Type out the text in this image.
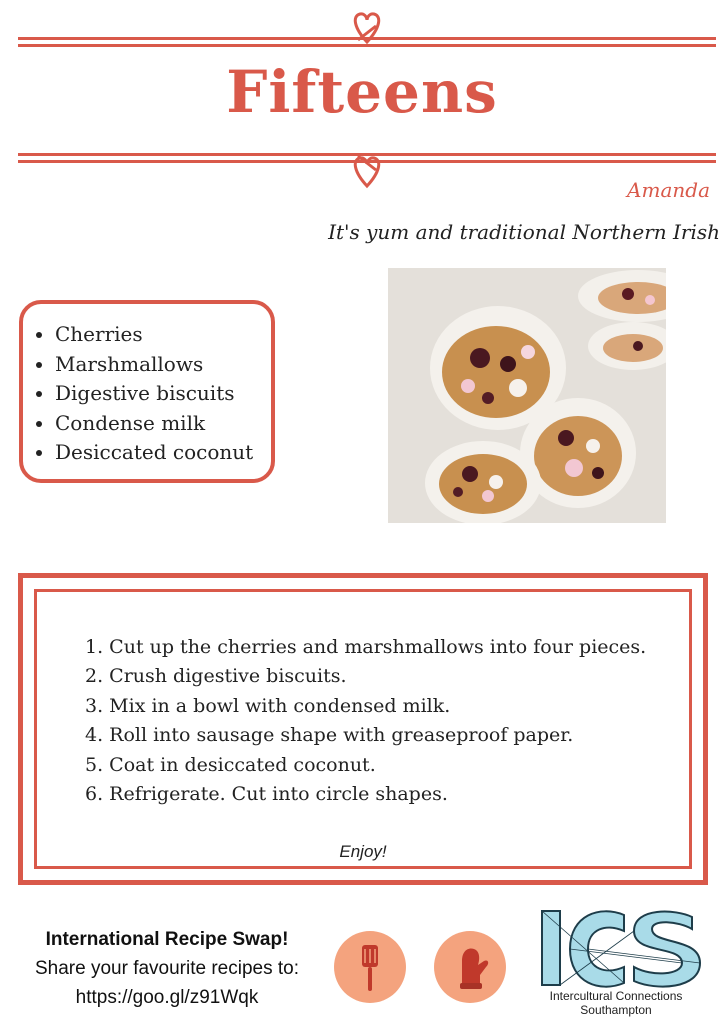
Fifteens
Amanda
It's yum and traditional Northern Irish
• Cherries
• Marshmallows
• Digestive biscuits
• Condense milk
• Desiccated coconut
1. Cut up the cherries and marshmallows into four pieces.
2. Crush digestive biscuits.
3. Mix in a bowl with condensed milk.
4. Roll into sausage shape with greaseproof paper.
5. Coat in desiccated coconut.
6. Refrigerate. Cut into circle shapes.
Enjoy!
International Recipe Swap!
Share your favourite recipes to:
https://goo.gl/z91Wqk	Intercultural Connections
Southampton
